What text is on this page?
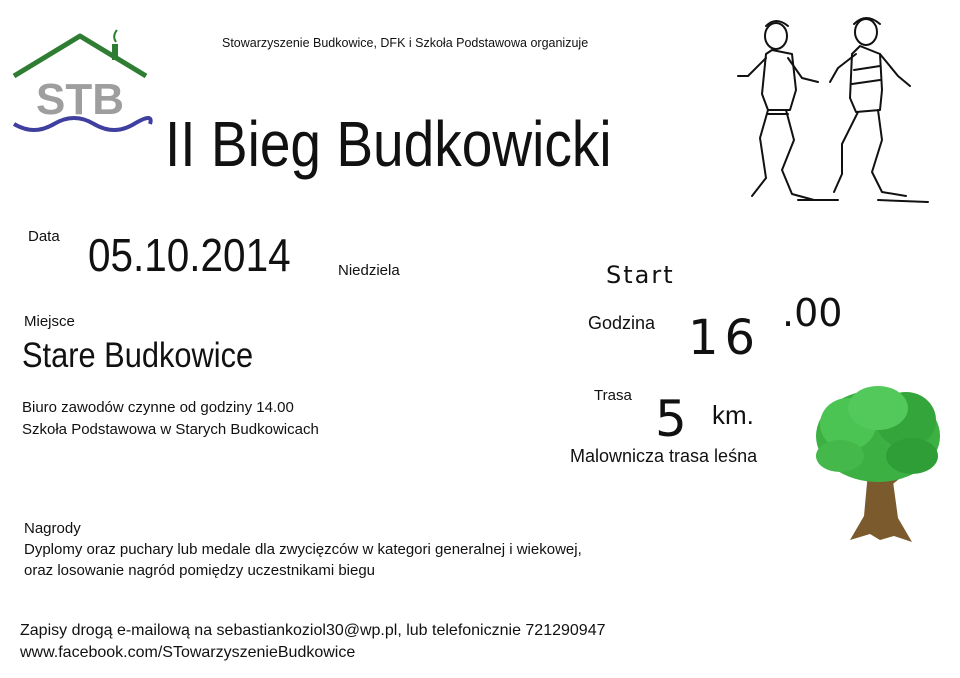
STB
Stowarzyszenie Budkowice, DFK i Szkoła Podstawowa organizuje
II Bieg Budkowicki
Data 05.10.2014	Niedziela	Start
Godzina 16 .00
Miejsce
Stare Budkowice
Biuro zawodów czynne od godziny 14.00
Szkoła Podstawowa w Starych Budkowicach
Trasa 5 km.
Malownicza trasa leśna
Nagrody
Dyplomy oraz puchary lub medale dla zwycięzców w kategori generalnej i wiekowej,
oraz losowanie nagród pomiędzy uczestnikami biegu
Zapisy drogą e-mailową na sebastiankoziol30@wp.pl, lub telefonicznie 721290947
www.facebook.com/STowarzyszenieBudkowice
